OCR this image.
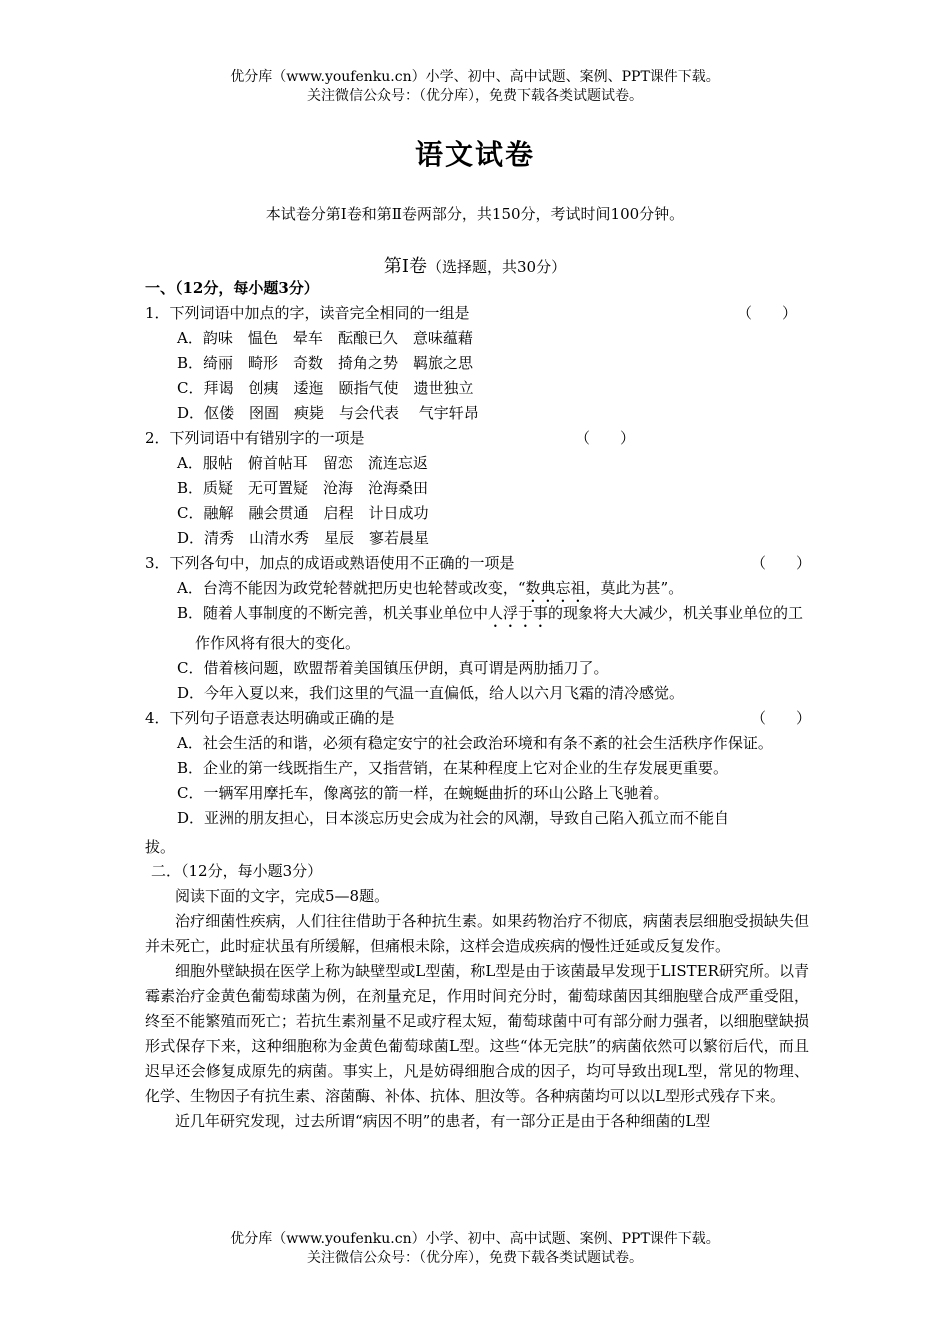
优分库（www.youfenku.cn）小学、初中、高中试题、案例、PPT课件下载。
关注微信公众号：（优分库），免费下载各类试题试卷。
语文试卷
本试卷分第Ⅰ卷和第Ⅱ卷两部分，共150分，考试时间100分钟。
第Ⅰ卷（选择题，共30分）
一、（12分，每小题3分）
1．下列词语中加点的字，读音完全相同的一组是	（　　）
A．韵味　愠色　晕车　酝酿已久　意味蕴藉
B．绮丽　畸形　奇数　掎角之势　羁旅之思
C．拜谒　创痍　逶迤　颐指气使　遗世独立
D．伛偻　囹圄　瘐毙　与会代表　 气宇轩昂
2．下列词语中有错别字的一项是	（　　）
A．服帖　俯首帖耳　留恋　流连忘返
B．质疑　无可置疑　沧海　沧海桑田
C．融解　融会贯通　启程　计日成功
D．清秀　山清水秀　星辰　寥若晨星
3．下列各句中，加点的成语或熟语使用不正确的一项是	（　　）
A．台湾不能因为政党轮替就把历史也轮替或改变，“数典忘祖，莫此为甚”。

B．随着人事制度的不断完善，机关事业单位中人浮于事的现象将大大减少，机关事业单位的工作作风将有很大的变化。

C．借着核问题，欧盟帮着美国镇压伊朗，真可谓是两肋插刀了。
D．今年入夏以来，我们这里的气温一直偏低，给人以六月飞霜的清冷感觉。
4．下列句子语意表达明确或正确的是	（　　）

A．社会生活的和谐，必须有稳定安宁的社会政治环境和有条不紊的社会生活秩序作保证。

B．企业的第一线既指生产，又指营销，在某种程度上它对企业的生存发展更重要。
C．一辆军用摩托车，像离弦的箭一样，在蜿蜒曲折的环山公路上飞驰着。
D．亚洲的朋友担心，日本淡忘历史会成为社会的风潮，导致自己陷入孤立而不能自
拔。
二．（12分，每小题3分）
阅读下面的文字，完成5—8题。

治疗细菌性疾病，人们往往借助于各种抗生素。如果药物治疗不彻底，病菌表层细胞受损缺失但并未死亡，此时症状虽有所缓解，但痛根未除，这样会造成疾病的慢性迁延或反复发作。

细胞外壁缺损在医学上称为缺壁型或L型菌，称L型是由于该菌最早发现于LISTER研究所。以青霉素治疗金黄色葡萄球菌为例，在剂量充足，作用时间充分时，葡萄球菌因其细胞壁合成严重受阻，终至不能繁殖而死亡；若抗生素剂量不足或疗程太短，葡萄球菌中可有部分耐力强者，以细胞壁缺损形式保存下来，这种细胞称为金黄色葡萄球菌L型。这些“体无完肤”的病菌依然可以繁衍后代，而且迟早还会修复成原先的病菌。事实上，凡是妨碍细胞合成的因子，均可导致出现L型，常见的物理、化学、生物因子有抗生素、溶菌酶、补体、抗体、胆汝等。各种病菌均可以以L型形式残存下来。

近几年研究发现，过去所谓“病因不明”的患者，有一部分正是由于各种细菌的L型

优分库（www.youfenku.cn）小学、初中、高中试题、案例、PPT课件下载。
关注微信公众号：（优分库），免费下载各类试题试卷。
